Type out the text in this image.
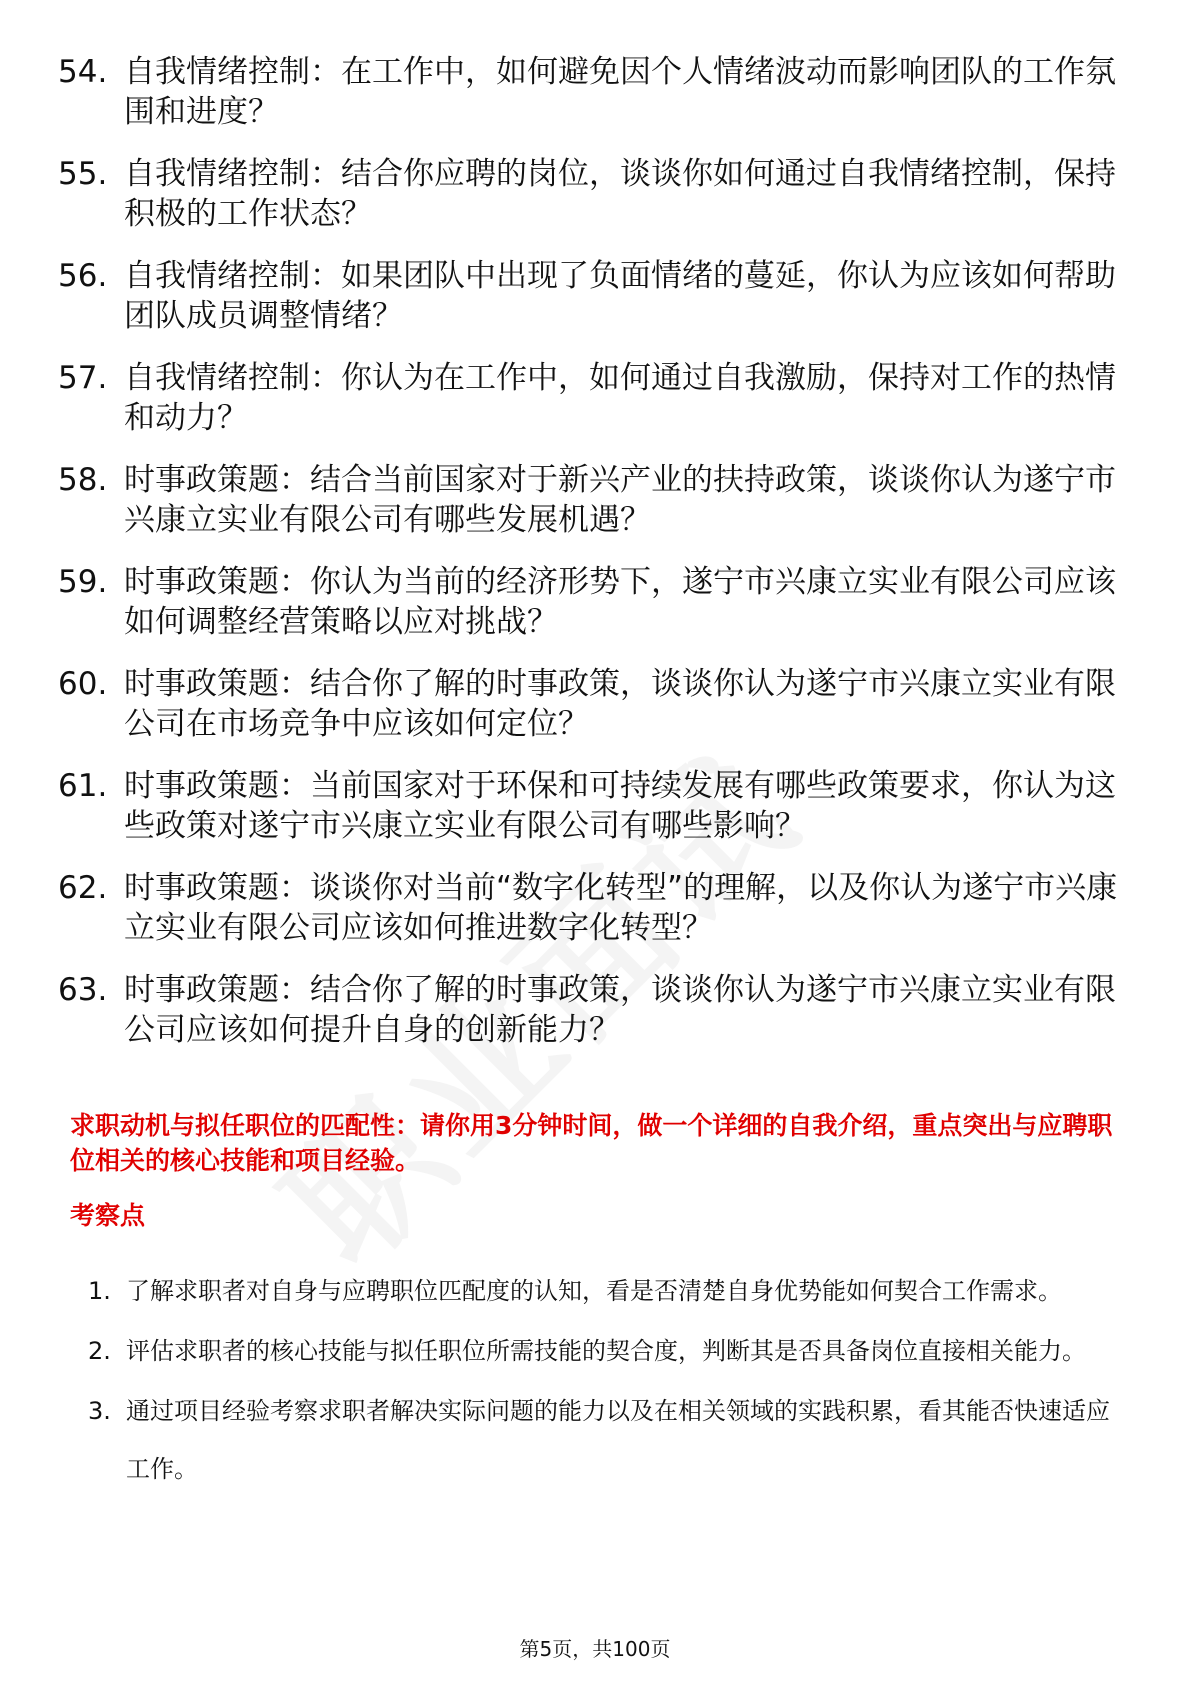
54. 自我情绪控制：在工作中，如何避免因个人情绪波动而影响团队的工作氛围和进度？
55. 自我情绪控制：结合你应聘的岗位，谈谈你如何通过自我情绪控制，保持积极的工作状态？
56. 自我情绪控制：如果团队中出现了负面情绪的蔓延，你认为应该如何帮助团队成员调整情绪？
57. 自我情绪控制：你认为在工作中，如何通过自我激励，保持对工作的热情和动力？
58. 时事政策题：结合当前国家对于新兴产业的扶持政策，谈谈你认为遂宁市兴康立实业有限公司有哪些发展机遇？
59. 时事政策题：你认为当前的经济形势下，遂宁市兴康立实业有限公司应该如何调整经营策略以应对挑战？
60. 时事政策题：结合你了解的时事政策，谈谈你认为遂宁市兴康立实业有限公司在市场竞争中应该如何定位？
61. 时事政策题：当前国家对于环保和可持续发展有哪些政策要求，你认为这些政策对遂宁市兴康立实业有限公司有哪些影响？
62. 时事政策题：谈谈你对当前“数字化转型”的理解，以及你认为遂宁市兴康立实业有限公司应该如何推进数字化转型？
63. 时事政策题：结合你了解的时事政策，谈谈你认为遂宁市兴康立实业有限公司应该如何提升自身的创新能力？
求职动机与拟任职位的匹配性：请你用3分钟时间，做一个详细的自我介绍，重点突出与应聘职位相关的核心技能和项目经验。
考察点
1. 了解求职者对自身与应聘职位匹配度的认知，看是否清楚自身优势能如何契合工作需求。
2. 评估求职者的核心技能与拟任职位所需技能的契合度，判断其是否具备岗位直接相关能力。
3. 通过项目经验考察求职者解决实际问题的能力以及在相关领域的实践积累，看其能否快速适应工作。
第5页，共100页
